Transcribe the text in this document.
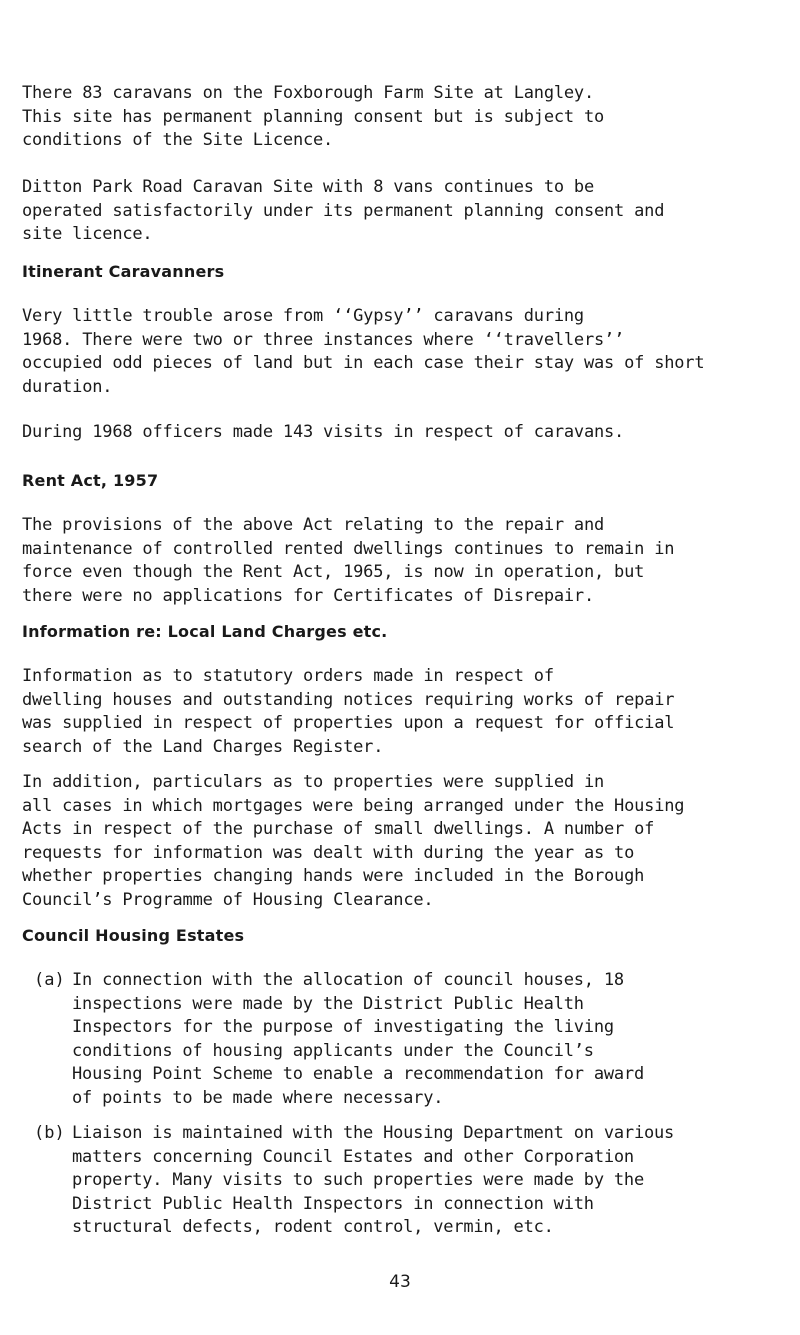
There 83 caravans on the Foxborough Farm Site at Langley.
This site has permanent planning consent but is subject to
conditions of the Site Licence.

Ditton Park Road Caravan Site with 8 vans continues to be
operated satisfactorily under its permanent planning consent and
site licence.

Itinerant Caravanners

Very little trouble arose from ‘‘Gypsy’’ caravans during
1968. There were two or three instances where ‘‘travellers’’
occupied odd pieces of land but in each case their stay was of short
duration.

During 1968 officers made 143 visits in respect of caravans.

Rent Act, 1957

The provisions of the above Act relating to the repair and
maintenance of controlled rented dwellings continues to remain in
force even though the Rent Act, 1965, is now in operation, but
there were no applications for Certificates of Disrepair.

Information re: Local Land Charges etc.

Information as to statutory orders made in respect of
dwelling houses and outstanding notices requiring works of repair
was supplied in respect of properties upon a request for official
search of the Land Charges Register.

In addition, particulars as to properties were supplied in
all cases in which mortgages were being arranged under the Housing
Acts in respect of the purchase of small dwellings. A number of
requests for information was dealt with during the year as to
whether properties changing hands were included in the Borough
Council’s Programme of Housing Clearance.

Council Housing Estates
(a) In connection with the allocation of council houses, 18
inspections were made by the District Public Health
Inspectors for the purpose of investigating the living
conditions of housing applicants under the Council’s
Housing Point Scheme to enable a recommendation for award
of points to be made where necessary.
(b) Liaison is maintained with the Housing Department on various
matters concerning Council Estates and other Corporation
property. Many visits to such properties were made by the
District Public Health Inspectors in connection with
structural defects, rodent control, vermin, etc.
43
